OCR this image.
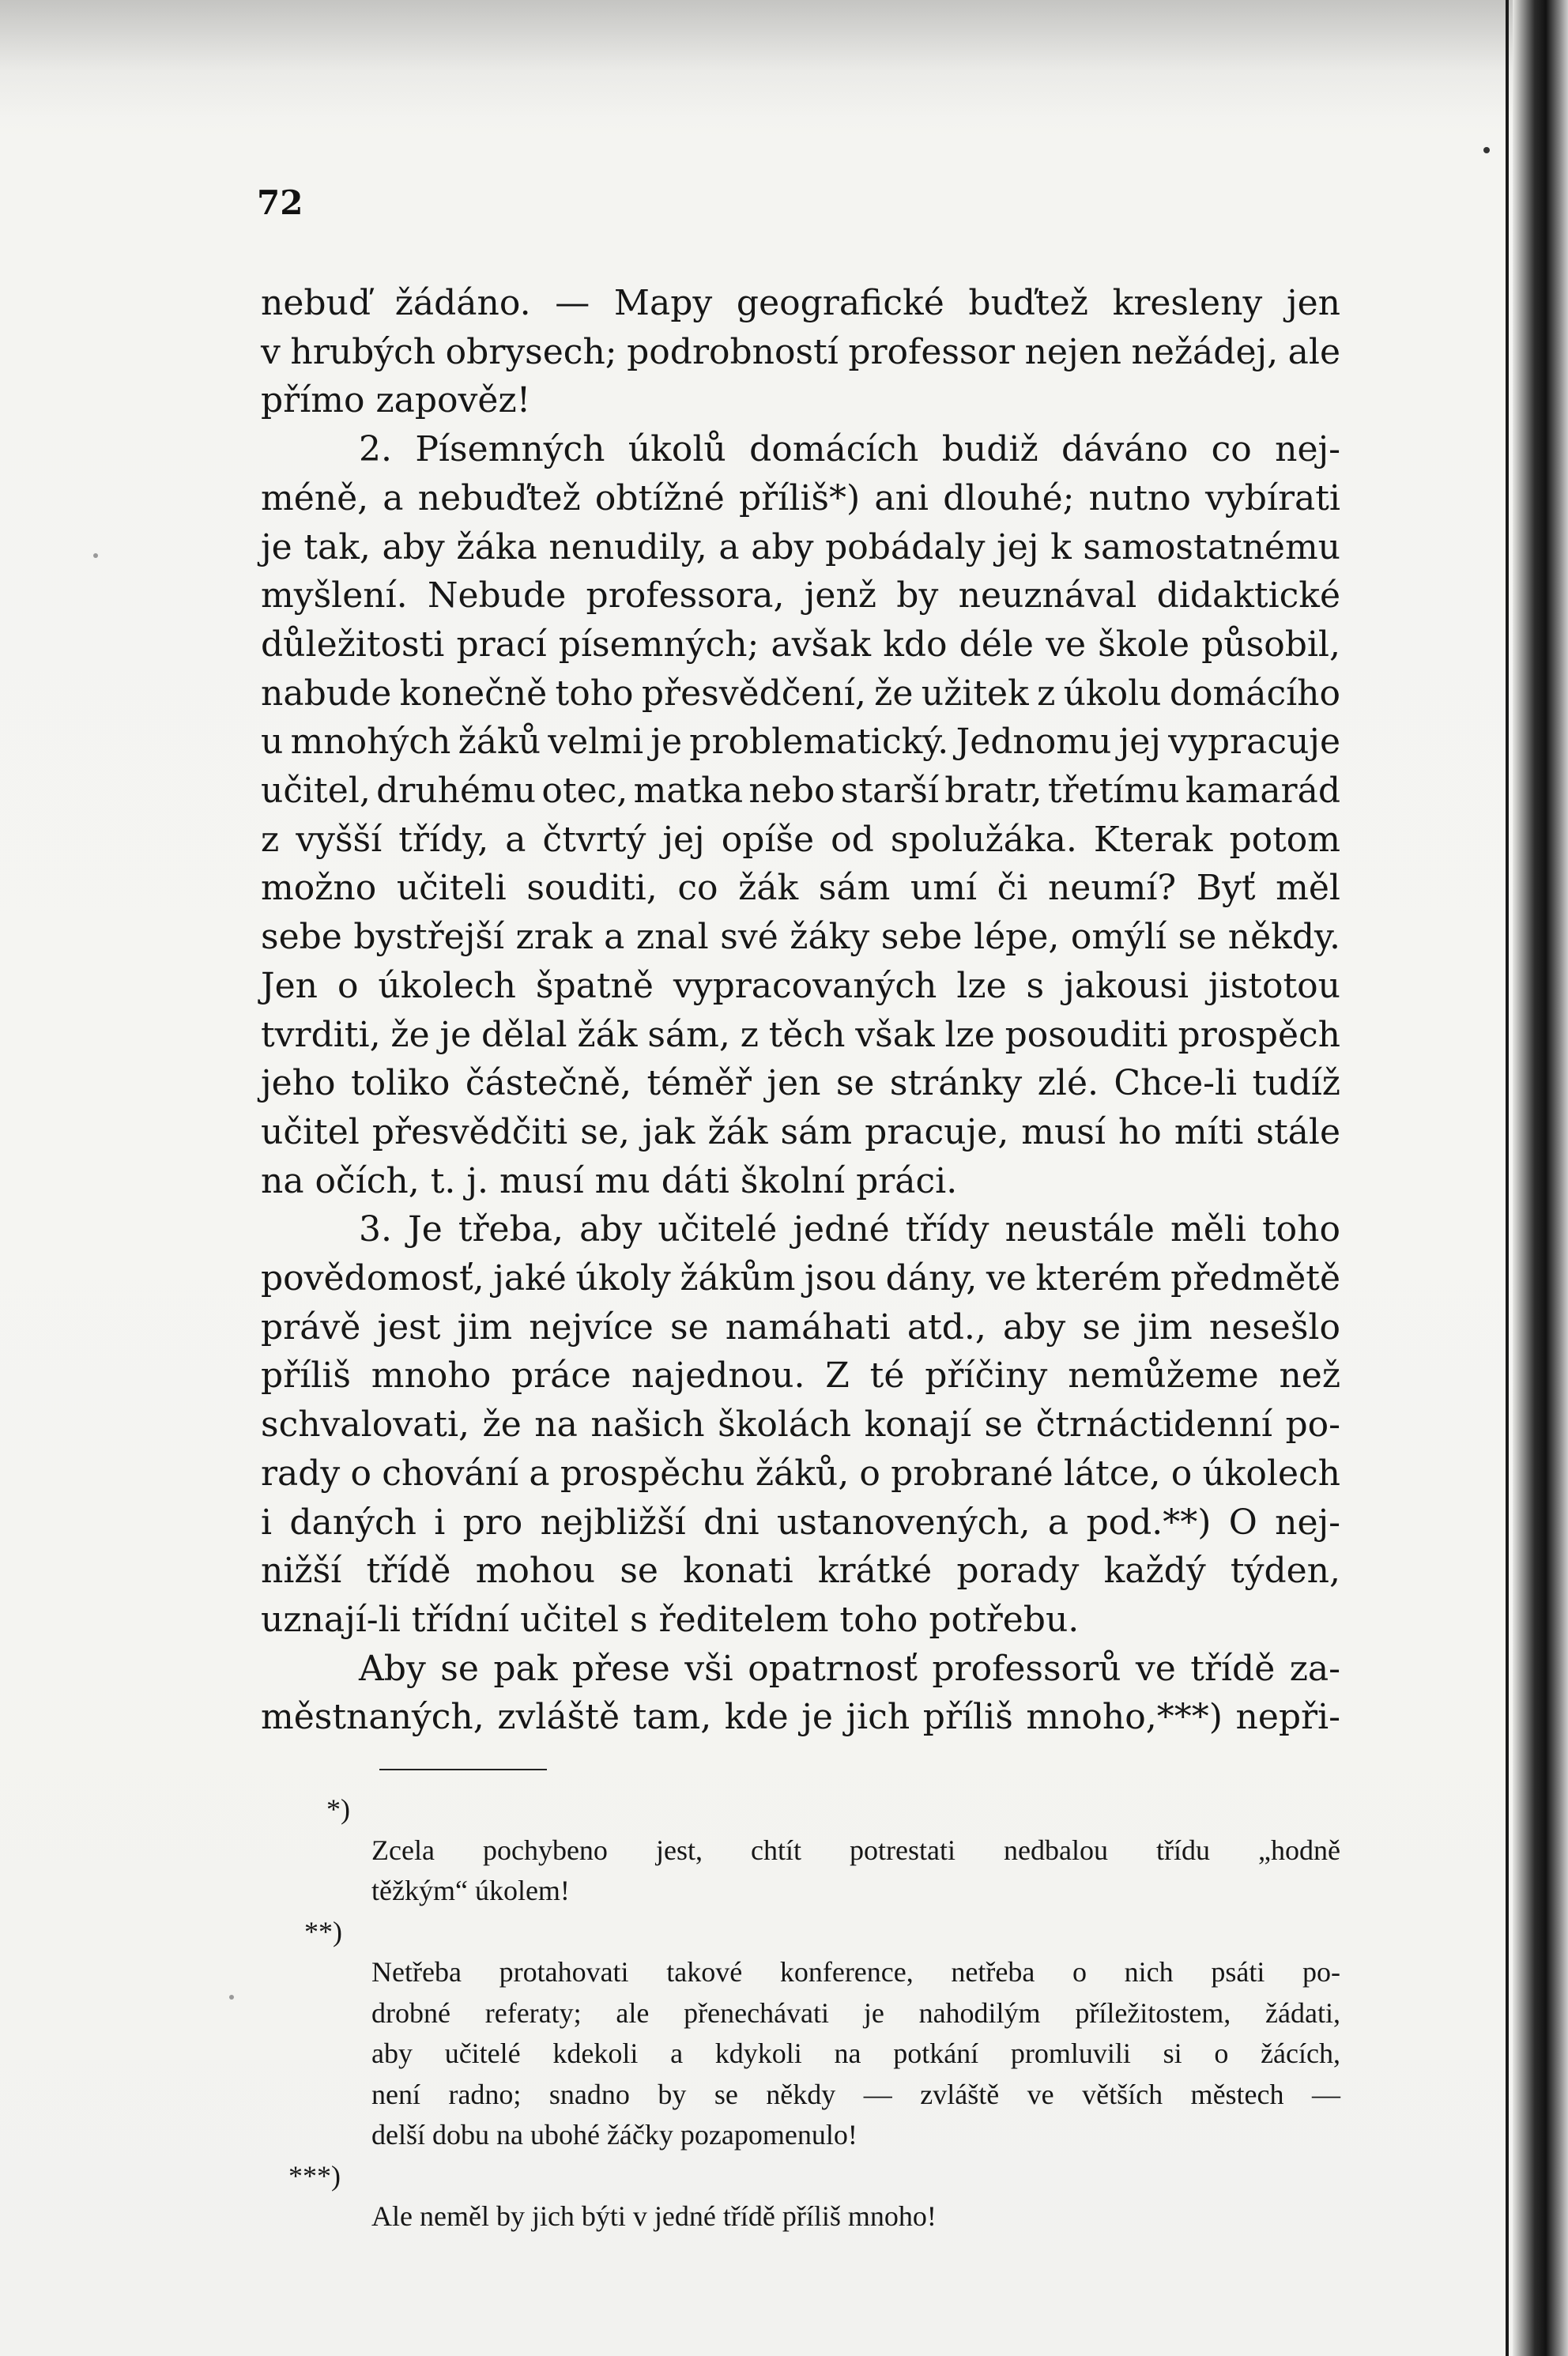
72
nebuď žádáno. — Mapy geografické buďtež kresleny jen
v hrubých obrysech; podrobností professor nejen nežádej, ale
přímo zapověz!
2. Písemných úkolů domácích budiž dáváno co nej-
méně, a nebuďtež obtížné příliš*) ani dlouhé; nutno vybírati
je tak, aby žáka nenudily, a aby pobádaly jej k samostatnému
myšlení. Nebude professora, jenž by neuznával didaktické
důležitosti prací písemných; avšak kdo déle ve škole působil,
nabude konečně toho přesvědčení, že užitek z úkolu domácího
u mnohých žáků velmi je problematický. Jednomu jej vypracuje
učitel, druhému otec, matka nebo starší bratr, třetímu kamarád
z vyšší třídy, a čtvrtý jej opíše od spolužáka. Kterak potom
možno učiteli souditi, co žák sám umí či neumí? Byť měl
sebe bystřejší zrak a znal své žáky sebe lépe, omýlí se někdy.
Jen o úkolech špatně vypracovaných lze s jakousi jistotou
tvrditi, že je dělal žák sám, z těch však lze posouditi prospěch
jeho toliko částečně, téměř jen se stránky zlé. Chce-li tudíž
učitel přesvědčiti se, jak žák sám pracuje, musí ho míti stále
na očích, t. j. musí mu dáti školní práci.
3. Je třeba, aby učitelé jedné třídy neustále měli toho
povědomosť, jaké úkoly žákům jsou dány, ve kterém předmětě
právě jest jim nejvíce se namáhati atd., aby se jim nesešlo
příliš mnoho práce najednou. Z té příčiny nemůžeme než
schvalovati, že na našich školách konají se čtrnáctidenní po-
rady o chování a prospěchu žáků, o probrané látce, o úkolech
i daných i pro nejbližší dni ustanovených, a pod.**) O nej-
nižší třídě mohou se konati krátké porady každý týden,
uznají-li třídní učitel s ředitelem toho potřebu.
Aby se pak přese vši opatrnosť professorů ve třídě za-
městnaných, zvláště tam, kde je jich příliš mnoho,***) nepři-
*)
Zcela pochybeno jest, chtít potrestati nedbalou třídu „hodně
těžkým“ úkolem!
**)
Netřeba protahovati takové konference, netřeba o nich psáti po-
drobné referaty; ale přenechávati je nahodilým příležitostem, žádati,
aby učitelé kdekoli a kdykoli na potkání promluvili si o žácích,
není radno; snadno by se někdy — zvláště ve větších městech —
delší dobu na ubohé žáčky pozapomenulo!
***)
Ale neměl by jich býti v jedné třídě příliš mnoho!
